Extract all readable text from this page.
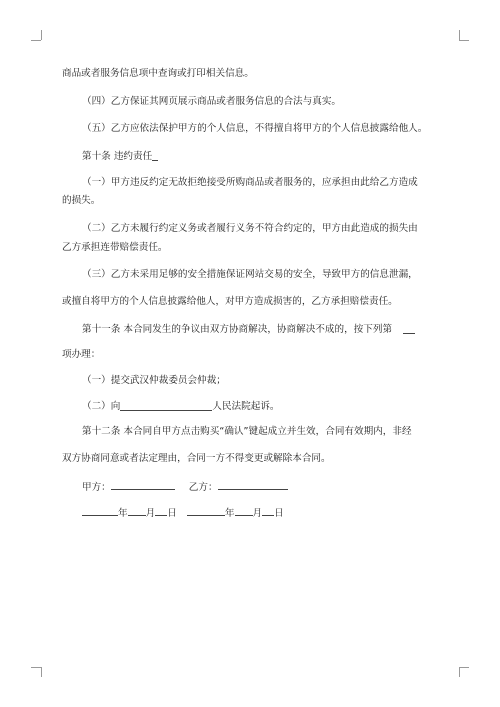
商品或者服务信息项中查询或打印相关信息。
（四）乙方保证其网页展示商品或者服务信息的合法与真实。
（五）乙方应依法保护甲方的个人信息，不得擅自将甲方的个人信息披露给他人。
第十条 违约责任
（一）甲方违反约定无故拒绝接受所购商品或者服务的，应承担由此给乙方造成
的损失。
（二）乙方未履行约定义务或者履行义务不符合约定的，甲方由此造成的损失由
乙方承担连带赔偿责任。
（三）乙方未采用足够的安全措施保证网站交易的安全，导致甲方的信息泄漏，
或擅自将甲方的个人信息披露给他人，对甲方造成损害的，乙方承担赔偿责任。
第十一条 本合同发生的争议由双方协商解决，协商解决不成的，按下列第
项办理：
（一）提交武汉仲裁委员会仲裁；
（二）向	人民法院起诉。
第十二条 本合同自甲方点击购买“确认”键起成立并生效，合同有效期内，非经
双方协商同意或者法定理由，合同一方不得变更或解除本合同。
甲方：	乙方：
年 月 日	年 月 日
